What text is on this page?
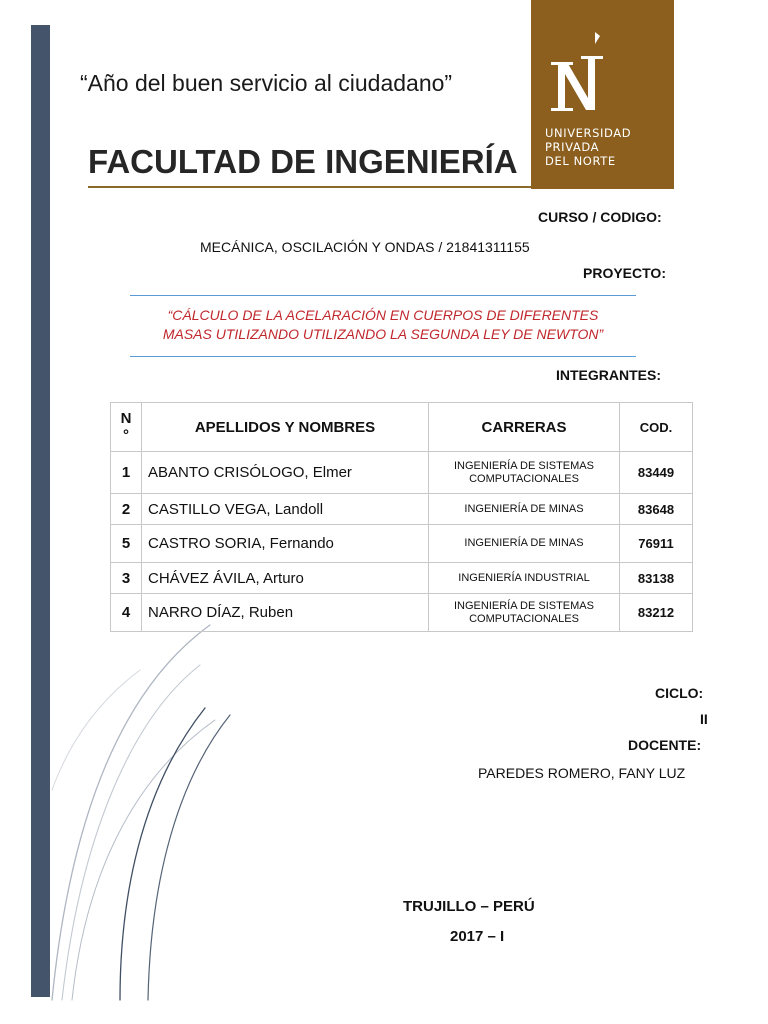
“Año del buen servicio al ciudadano”
FACULTAD DE INGENIERÍA
UNIVERSIDAD
PRIVADA
DEL NORTE
CURSO / CODIGO:
MECÁNICA, OSCILACIÓN Y ONDAS / 21841311155
PROYECTO:
“CÁLCULO DE LA ACELARACIÓN EN CUERPOS DE DIFERENTES
MASAS UTILIZANDO UTILIZANDO LA SEGUNDA LEY DE NEWTON”
INTEGRANTES:
N
°	APELLIDOS Y NOMBRES	CARRERAS	COD.
1	ABANTO CRISÓLOGO, Elmer	INGENIERÍA DE SISTEMAS COMPUTACIONALES	83449
2	CASTILLO VEGA, Landoll	INGENIERÍA DE MINAS	83648
5	CASTRO SORIA, Fernando	INGENIERÍA DE MINAS	76911
3	CHÁVEZ ÁVILA, Arturo	INGENIERÍA INDUSTRIAL	83138
4	NARRO DÍAZ, Ruben	INGENIERÍA DE SISTEMAS COMPUTACIONALES	83212
CICLO:
II
DOCENTE:
PAREDES ROMERO, FANY LUZ
TRUJILLO – PERÚ
2017 – I
